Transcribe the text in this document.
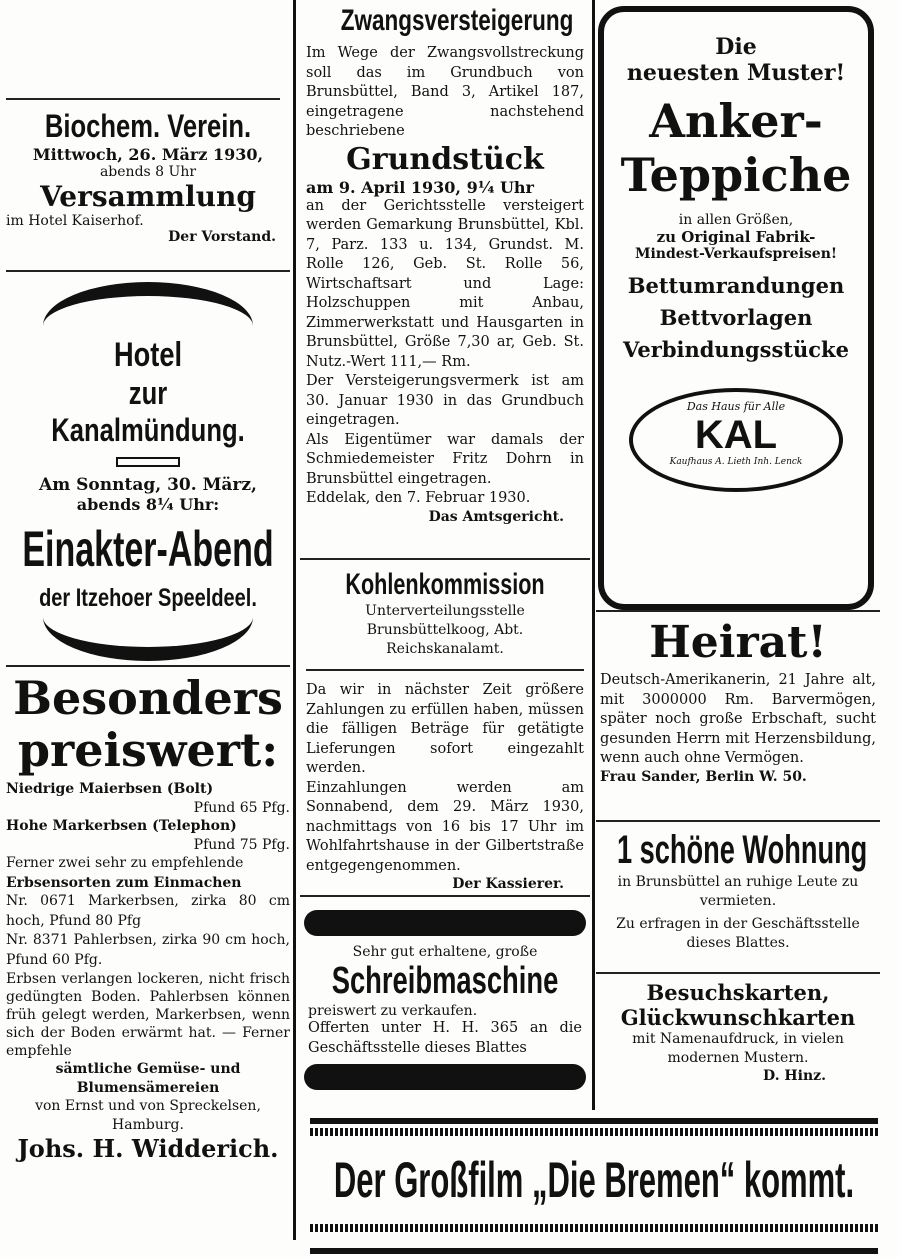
Biochem. Verein.

Mittwoch, 26. März 1930,

abends 8 Uhr

Versammlung

im Hotel Kaiserhof.

Der Vorstand.

Hotel
zur Kanalmündung.

Am Sonntag, 30. März,

abends 8¼ Uhr:

Einakter-Abend
der Itzehoer Speeldeel.

Besonders

preiswert:

Niedrige Maierbsen (Bolt)

Pfund 65 Pfg.

Hohe Markerbsen (Telephon)

Pfund 75 Pfg.

Ferner zwei sehr zu empfehlende

Erbsensorten zum Einmachen

Nr. 0671 Markerbsen, zirka 80 cm hoch, Pfund 80 Pfg

Nr. 8371 Pahlerbsen, zirka 90 cm hoch, Pfund 60 Pfg.

Erbsen verlangen lockeren, nicht frisch gedüngten Boden. Pahlerbsen können früh gelegt werden, Markerbsen, wenn sich der Boden erwärmt hat. — Ferner empfehle

sämtliche Gemüse- und Blumensämereien

von Ernst und von Spreckelsen, Hamburg.

Johs. H. Widderich.

Zwangsversteigerung

Im Wege der Zwangsvollstreckung soll das im Grundbuch von Brunsbüttel, Band 3, Artikel 187, eingetragene nachstehend beschriebene

Grundstück

am 9. April 1930, 9¼ Uhr

an der Gerichtsstelle versteigert werden Gemarkung Brunsbüttel, Kbl. 7, Parz. 133 u. 134, Grundst. M. Rolle 126, Geb. St. Rolle 56, Wirtschaftsart und Lage: Holzschuppen mit Anbau, Zimmerwerkstatt und Hausgarten in Brunsbüttel, Größe 7,30 ar, Geb. St. Nutz.-Wert 111,— Rm.

Der Versteigerungsvermerk ist am 30. Januar 1930 in das Grundbuch eingetragen.

Als Eigentümer war damals der Schmiedemeister Fritz Dohrn in Brunsbüttel eingetragen.

Eddelak, den 7. Februar 1930.

Das Amtsgericht.

Kohlenkommission

Unterverteilungsstelle Brunsbüttelkoog, Abt. Reichskanalamt.

Da wir in nächster Zeit größere Zahlungen zu erfüllen haben, müssen die fälligen Beträge für getätigte Lieferungen sofort eingezahlt werden.

Einzahlungen werden am Sonnabend, dem 29. März 1930, nachmittags von 16 bis 17 Uhr im Wohlfahrtshause in der Gilbertstraße entgegengenommen.

Der Kassierer.

Sehr gut erhaltene, große

Schreibmaschine

preiswert zu verkaufen.

Offerten unter H. H. 365 an die Geschäftsstelle dieses Blattes

Die

neuesten Muster!

Anker-

Teppiche

in allen Größen,

zu Original Fabrik-

Mindest-Verkaufspreisen!

Bettumrandungen

Bettvorlagen

Verbindungsstücke

Das Haus für Alle

KAL

Kaufhaus A. Lieth Inh. Lenck

Heirat!

Deutsch-Amerikanerin, 21 Jahre alt, mit 3000000 Rm. Barvermögen, später noch große Erbschaft, sucht gesunden Herrn mit Herzensbildung, wenn auch ohne Vermögen.

Frau Sander, Berlin W. 50.

1 schöne Wohnung

in Brunsbüttel an ruhige Leute zu vermieten.

Zu erfragen in der Geschäftsstelle dieses Blattes.

Besuchskarten,

Glückwunschkarten

mit Namenaufdruck, in vielen modernen Mustern.

D. Hinz.

Der Großfilm „Die Bremen“ kommt.
